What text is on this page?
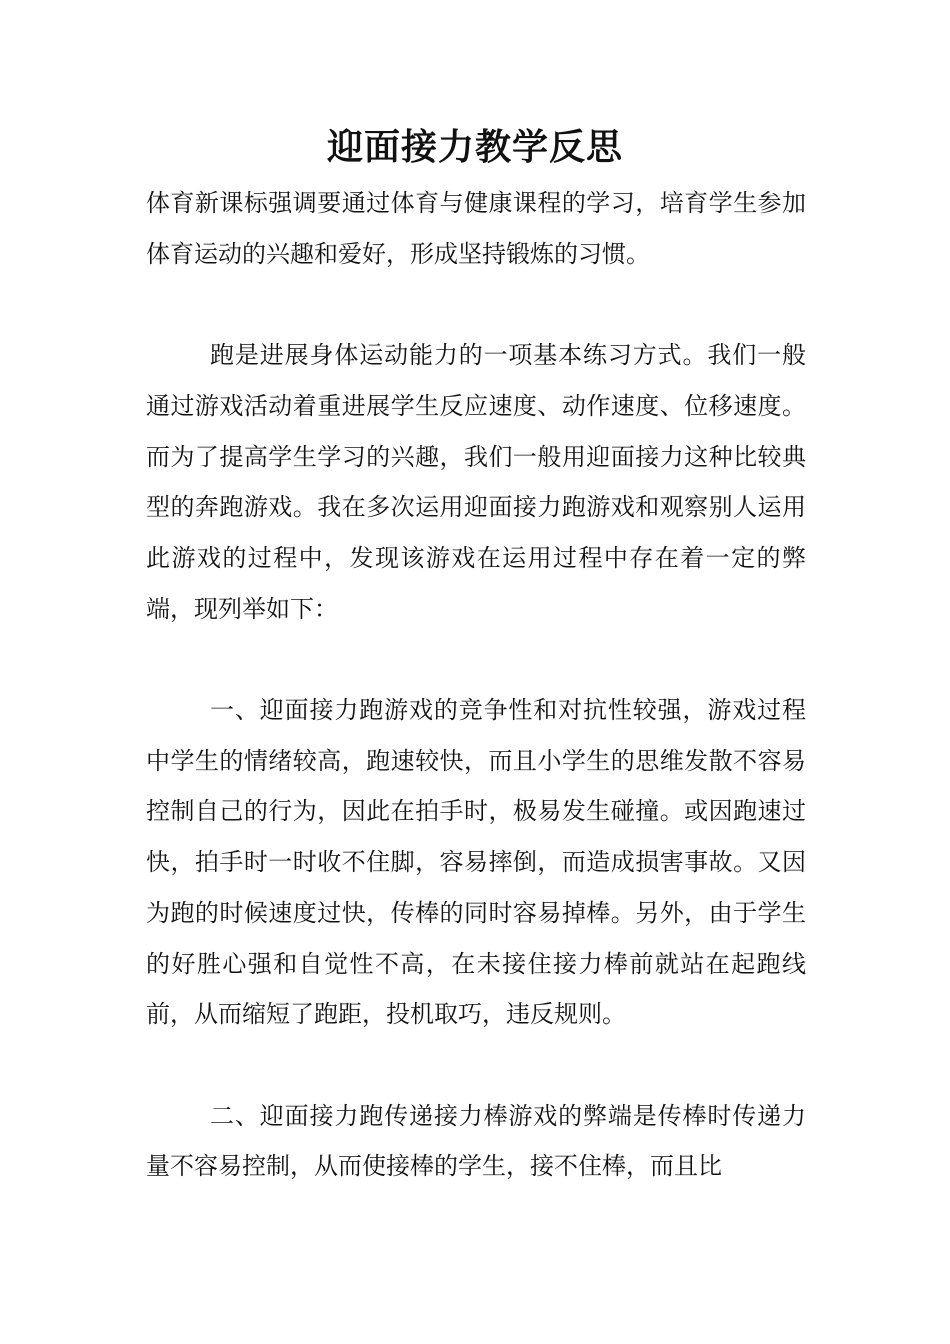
迎面接力教学反思

体育新课标强调要通过体育与健康课程的学习，培育学生参加体育运动的兴趣和爱好，形成坚持锻炼的习惯。

跑是进展身体运动能力的一项基本练习方式。我们一般通过游戏活动着重进展学生反应速度、动作速度、位移速度。而为了提高学生学习的兴趣，我们一般用迎面接力这种比较典型的奔跑游戏。我在多次运用迎面接力跑游戏和观察别人运用此游戏的过程中，发现该游戏在运用过程中存在着一定的弊端，现列举如下：

一、迎面接力跑游戏的竞争性和对抗性较强，游戏过程中学生的情绪较高，跑速较快，而且小学生的思维发散不容易控制自己的行为，因此在拍手时，极易发生碰撞。或因跑速过快，拍手时一时收不住脚，容易摔倒，而造成损害事故。又因为跑的时候速度过快，传棒的同时容易掉棒。另外，由于学生的好胜心强和自觉性不高，在未接住接力棒前就站在起跑线前，从而缩短了跑距，投机取巧，违反规则。

二、迎面接力跑传递接力棒游戏的弊端是传棒时传递力量不容易控制，从而使接棒的学生，接不住棒，而且比
